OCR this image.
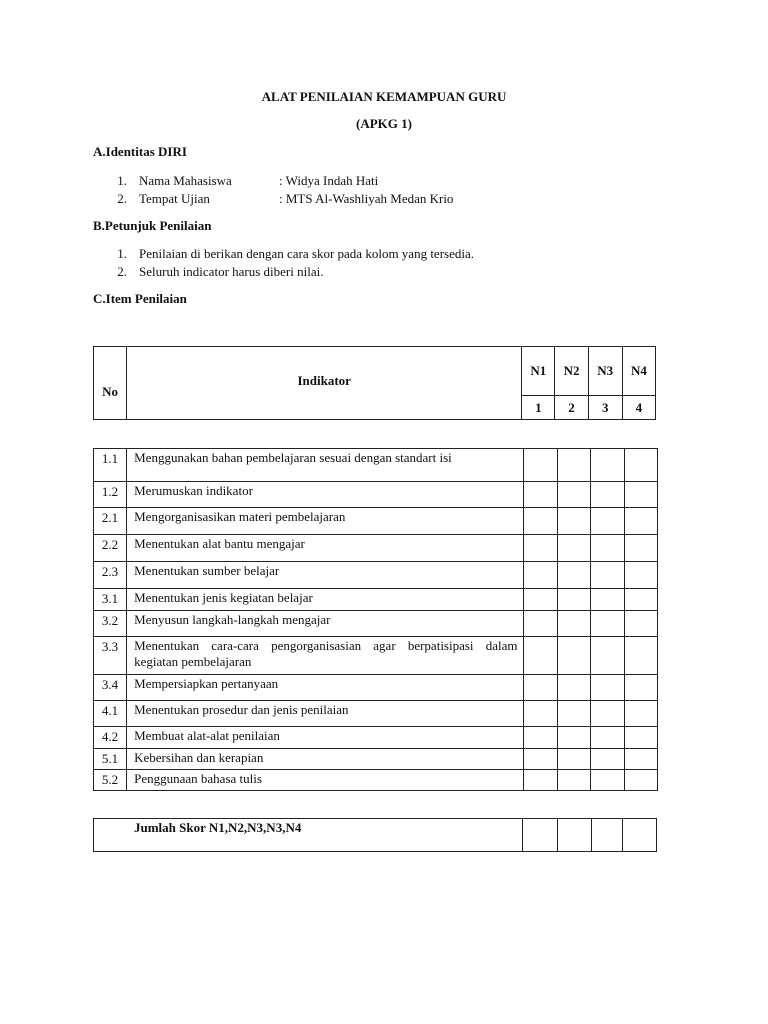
ALAT PENILAIAN KEMAMPUAN GURU
(APKG 1)
A.Identitas DIRI
1. Nama Mahasiswa	: Widya Indah Hati
2. Tempat Ujian	: MTS Al-Washliyah Medan Krio
B.Petunjuk Penilaian
1. Penilaian di berikan dengan cara skor pada kolom yang tersedia.
2. Seluruh indicator harus diberi nilai.
C.Item Penilaian
No	Indikator	N1	N2	N3	N4
		1	2	3	4
1.1	Menggunakan bahan pembelajaran sesuai dengan standart isi				
1.2	Merumuskan indikator				
2.1	Mengorganisasikan materi pembelajaran				
2.2	Menentukan alat bantu mengajar				
2.3	Menentukan sumber belajar				
3.1	Menentukan jenis kegiatan belajar				
3.2	Menyusun langkah-langkah mengajar				
3.3	Menentukan cara-cara pengorganisasian agar berpatisipasi dalam kegiatan pembelajaran				
3.4	Mempersiapkan pertanyaan				
4.1	Menentukan prosedur dan jenis penilaian				
4.2	Membuat alat-alat penilaian				
5.1	Kebersihan dan kerapian				
5.2	Penggunaan bahasa tulis				
Jumlah Skor N1,N2,N3,N3,N4				
